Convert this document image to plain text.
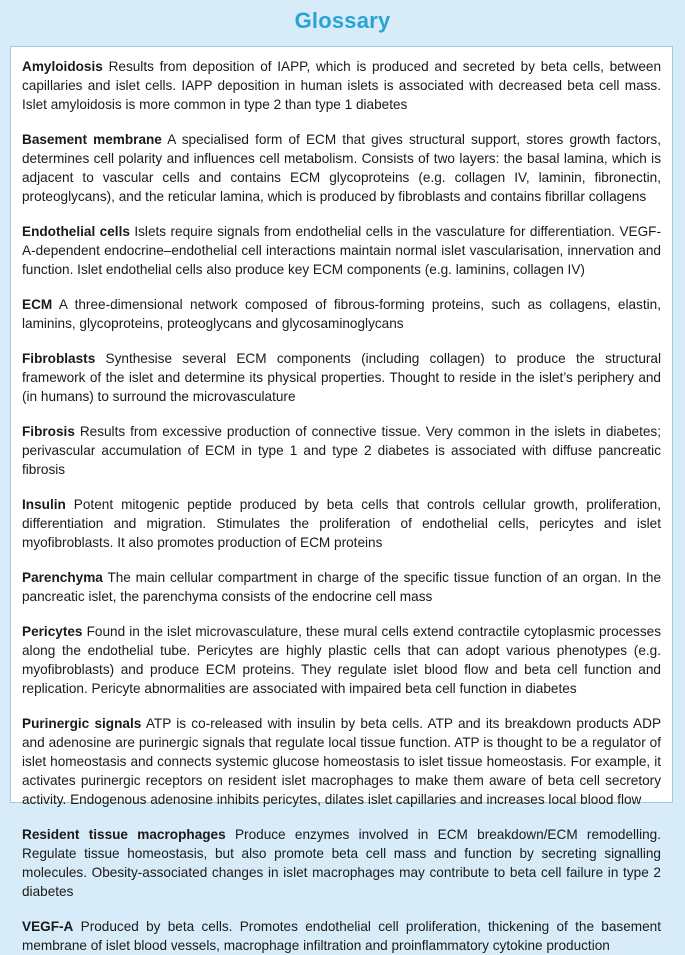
Glossary

Amyloidosis Results from deposition of IAPP, which is produced and secreted by beta cells, between capillaries and islet cells. IAPP deposition in human islets is associated with decreased beta cell mass. Islet amyloidosis is more common in type 2 than type 1 diabetes

Basement membrane A specialised form of ECM that gives structural support, stores growth factors, determines cell polarity and influences cell metabolism. Consists of two layers: the basal lamina, which is adjacent to vascular cells and contains ECM glycoproteins (e.g. collagen IV, laminin, fibronectin, proteoglycans), and the reticular lamina, which is produced by fibroblasts and contains fibrillar collagens

Endothelial cells Islets require signals from endothelial cells in the vasculature for differentiation. VEGF-A-dependent endocrine–endothelial cell interactions maintain normal islet vascularisation, innervation and function. Islet endothelial cells also produce key ECM components (e.g. laminins, collagen IV)

ECM A three-dimensional network composed of fibrous-forming proteins, such as collagens, elastin, laminins, glycoproteins, proteoglycans and glycosaminoglycans

Fibroblasts Synthesise several ECM components (including collagen) to produce the structural framework of the islet and determine its physical properties. Thought to reside in the islet’s periphery and (in humans) to surround the microvasculature

Fibrosis Results from excessive production of connective tissue. Very common in the islets in diabetes; perivascular accumulation of ECM in type 1 and type 2 diabetes is associated with diffuse pancreatic fibrosis

Insulin Potent mitogenic peptide produced by beta cells that controls cellular growth, proliferation, differentiation and migration. Stimulates the proliferation of endothelial cells, pericytes and islet myofibroblasts. It also promotes production of ECM proteins

Parenchyma The main cellular compartment in charge of the specific tissue function of an organ. In the pancreatic islet, the parenchyma consists of the endocrine cell mass

Pericytes Found in the islet microvasculature, these mural cells extend contractile cytoplasmic processes along the endothelial tube. Pericytes are highly plastic cells that can adopt various phenotypes (e.g. myofibroblasts) and produce ECM proteins. They regulate islet blood flow and beta cell function and replication. Pericyte abnormalities are associated with impaired beta cell function in diabetes

Purinergic signals ATP is co-released with insulin by beta cells. ATP and its breakdown products ADP and adenosine are purinergic signals that regulate local tissue function. ATP is thought to be a regulator of islet homeostasis and connects systemic glucose homeostasis to islet tissue homeostasis. For example, it activates purinergic receptors on resident islet macrophages to make them aware of beta cell secretory activity. Endogenous adenosine inhibits pericytes, dilates islet capillaries and increases local blood flow

Resident tissue macrophages Produce enzymes involved in ECM breakdown/ECM remodelling. Regulate tissue homeostasis, but also promote beta cell mass and function by secreting signalling molecules. Obesity-associated changes in islet macrophages may contribute to beta cell failure in type 2 diabetes

VEGF-A Produced by beta cells. Promotes endothelial cell proliferation, thickening of the basement membrane of islet blood vessels, macrophage infiltration and proinflammatory cytokine production
